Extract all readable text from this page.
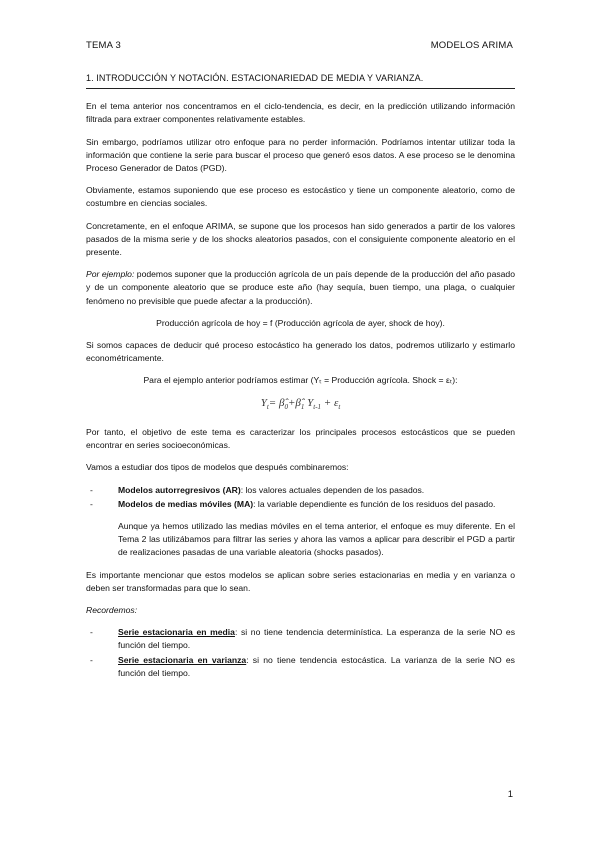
TEMA 3	MODELOS ARIMA
1. INTRODUCCIÓN Y NOTACIÓN. ESTACIONARIEDAD DE MEDIA Y VARIANZA.

En el tema anterior nos concentramos en el ciclo-tendencia, es decir, en la predicción utilizando información filtrada para extraer componentes relativamente estables.

Sin embargo, podríamos utilizar otro enfoque para no perder información. Podríamos intentar utilizar toda la información que contiene la serie para buscar el proceso que generó esos datos. A ese proceso se le denomina Proceso Generador de Datos (PGD).

Obviamente, estamos suponiendo que ese proceso es estocástico y tiene un componente aleatorio, como de costumbre en ciencias sociales.

Concretamente, en el enfoque ARIMA, se supone que los procesos han sido generados a partir de los valores pasados de la misma serie y de los shocks aleatorios pasados, con el consiguiente componente aleatorio en el presente.

Por ejemplo: podemos suponer que la producción agrícola de un país depende de la producción del año pasado y de un componente aleatorio que se produce este año (hay sequía, buen tiempo, una plaga, o cualquier fenómeno no previsible que puede afectar a la producción).

Producción agrícola de hoy = f (Producción agrícola de ayer, shock de hoy).

Si somos capaces de deducir qué proceso estocástico ha generado los datos, podremos utilizarlo y estimarlo econométricamente.

Para el ejemplo anterior podríamos estimar (Yₜ = Producción agrícola. Shock = εₜ):

$Y_t=$ $\betâ_0+\betâ_1$ $Y_{t-1} + \varepsilon_t$

Por tanto, el objetivo de este tema es caracterizar los principales procesos estocásticos que se pueden encontrar en series socioeconómicas.

Vamos a estudiar dos tipos de modelos que después combinaremos:

-	Modelos autorregresivos (AR): los valores actuales dependen de los pasados.
-	Modelos de medias móviles (MA): la variable dependiente es función de los residuos del pasado.

Aunque ya hemos utilizado las medias móviles en el tema anterior, el enfoque es muy diferente. En el Tema 2 las utilizábamos para filtrar las series y ahora las vamos a aplicar para describir el PGD a partir de realizaciones pasadas de una variable aleatoria (shocks pasados).

Es importante mencionar que estos modelos se aplican sobre series estacionarias en media y en varianza o deben ser transformadas para que lo sean.

Recordemos:

-	Serie estacionaria en media: si no tiene tendencia determinística. La esperanza de la serie NO es función del tiempo.
-	Serie estacionaria en varianza: si no tiene tendencia estocástica. La varianza de la serie NO es función del tiempo.
1
